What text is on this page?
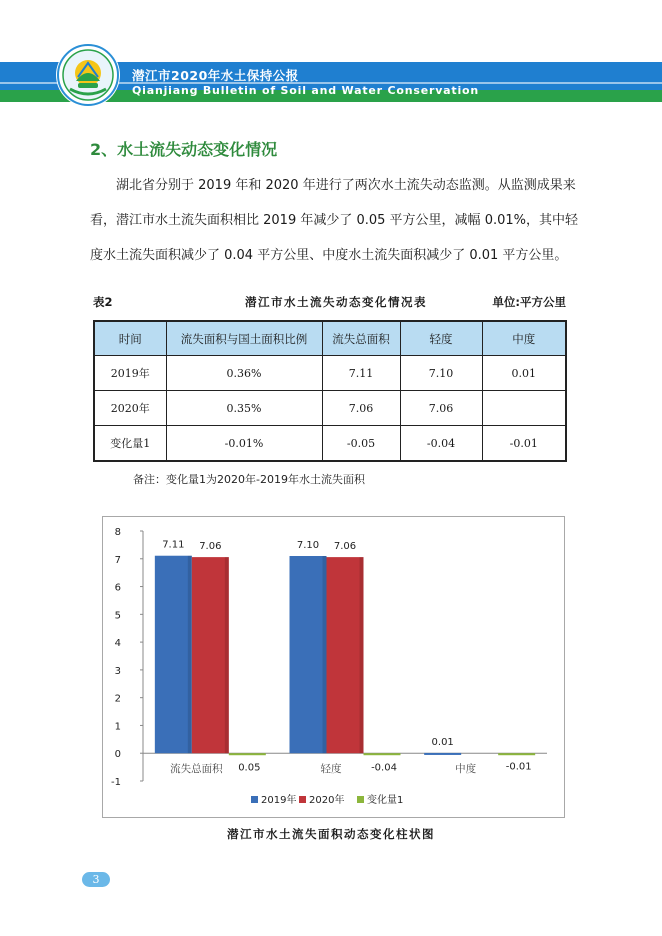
潜江市2020年水土保持公报
Qianjiang Bulletin of Soil and Water Conservation
2、水土流失动态变化情况
湖北省分别于 2019 年和 2020 年进行了两次水土流失动态监测。从监测成果来
看，潜江市水土流失面积相比 2019 年减少了 0.05 平方公里，减幅 0.01%，其中轻
度水土流失面积减少了 0.04 平方公里、中度水土流失面积减少了 0.01 平方公里。
表2	潜江市水土流失动态变化情况表	单位:平方公里
时间	流失面积与国土面积比例	流失总面积	轻度	中度
2019年	0.36%	7.11	7.10	0.01
2020年	0.35%	7.06	7.06	
变化量1	-0.01%	-0.05	-0.04	-0.01
备注：变化量1为2020年-2019年水土流失面积
8
7
6
5
4
3
2
1
0
-1
7.11 7.06
0.05
流失总面积
7.10 7.06
-0.04
轻度
0.01
-0.01
中度
2019年 2020年 变化量1
潜江市水土流失面积动态变化柱状图
3
